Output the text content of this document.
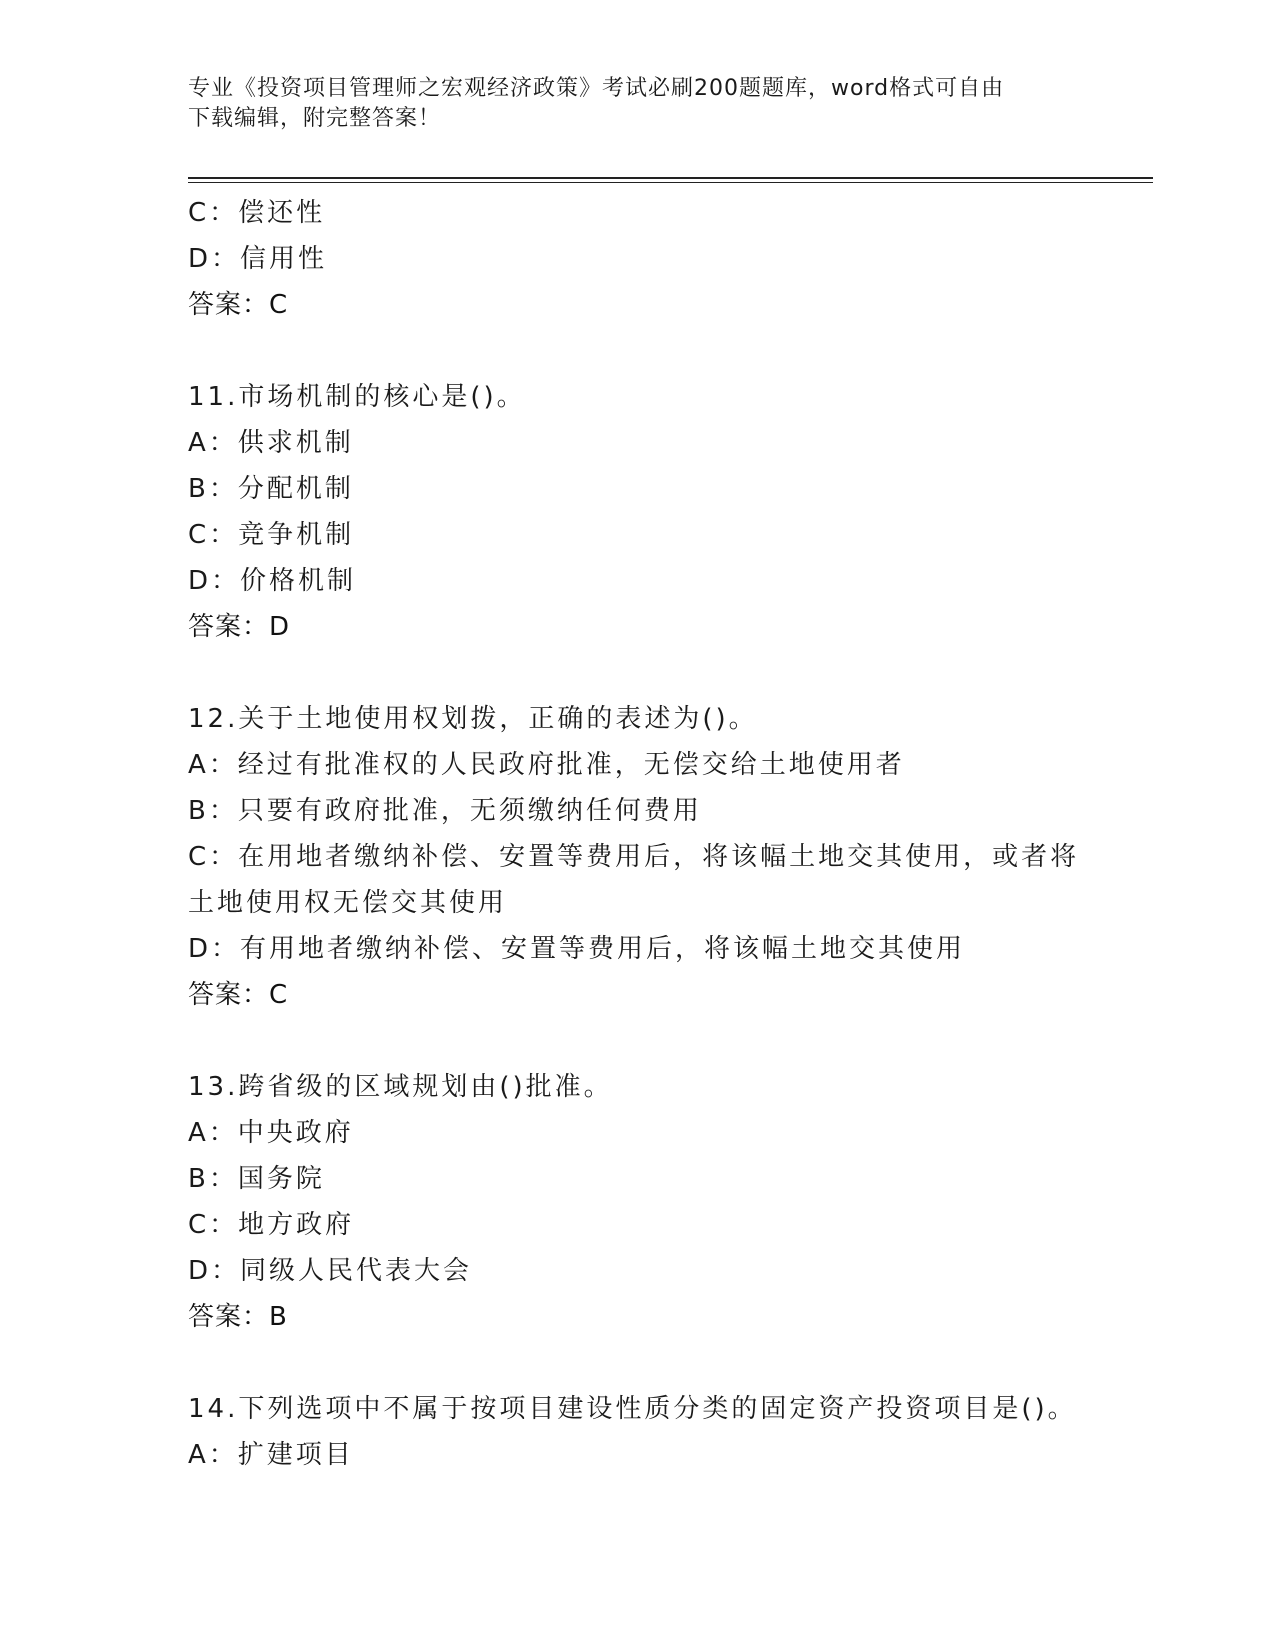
专业《投资项目管理师之宏观经济政策》考试必刷200题题库，word格式可自由
下载编辑，附完整答案！
C：偿还性
D：信用性
答案：C
11.市场机制的核心是()。
A：供求机制
B：分配机制
C：竞争机制
D：价格机制
答案：D
12.关于土地使用权划拨，正确的表述为()。
A：经过有批准权的人民政府批准，无偿交给土地使用者
B：只要有政府批准，无须缴纳任何费用
C：在用地者缴纳补偿、安置等费用后，将该幅土地交其使用，或者将
土地使用权无偿交其使用
D：有用地者缴纳补偿、安置等费用后，将该幅土地交其使用
答案：C
13.跨省级的区域规划由()批准。
A：中央政府
B：国务院
C：地方政府
D：同级人民代表大会
答案：B
14.下列选项中不属于按项目建设性质分类的固定资产投资项目是()。
A：扩建项目
